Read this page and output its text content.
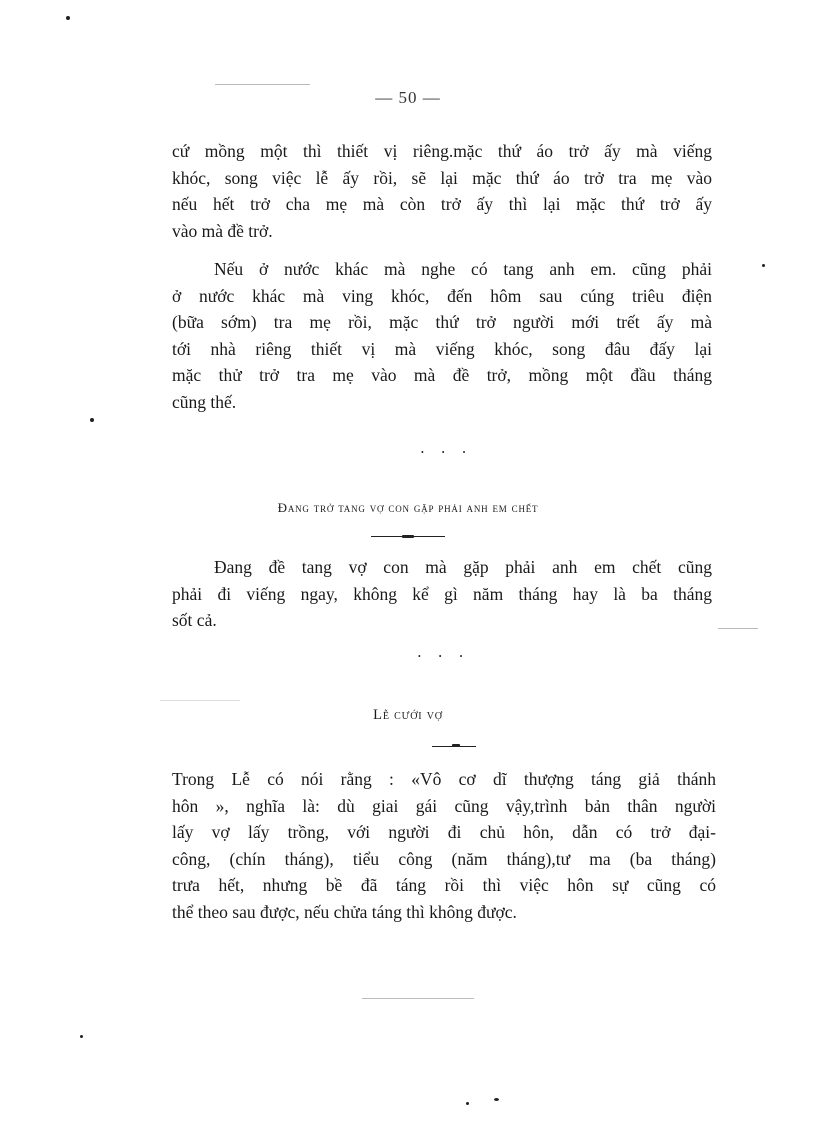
— 50 —
cứ mồng một thì thiết vị riêng.mặc thứ áo trở ấy mà viếng
khóc, song việc lễ ấy rồi, sẽ lại mặc thứ áo trở tra mẹ vào
nếu hết trở cha mẹ mà còn trở ấy thì lại mặc thứ trở ấy
vào mà đề trở.
Nếu ở nước khác mà nghe có tang anh em. cũng phải
ở nước khác mà ving khóc, đến hôm sau cúng triêu điện
(bữa sớm) tra mẹ rồi, mặc thứ trở người mới trết ấy mà
tới nhà riêng thiết vị mà viếng khóc, song đâu đấy lại
mặc thử trở tra mẹ vào mà đề trở, mồng một đầu tháng
cũng thế.
•••
Đang trở tang vợ con gặp phải anh em chết
Đang đề tang vợ con mà gặp phải anh em chết cũng
phải đi viếng ngay, không kể gì năm tháng hay là ba tháng
sốt cả.
•••
Lễ cưới vợ
Trong Lễ có nói rằng : «Vô cơ dĩ thượng táng giả thánh
hôn », nghĩa là: dù giai gái cũng vậy,trình bản thân người
lấy vợ lấy trồng, với người đi chủ hôn, dẫn có trở đại-
công, (chín tháng), tiểu công (năm tháng),tư ma (ba tháng)
trưa hết, nhưng bề đã táng rồi thì việc hôn sự cũng có
thể theo sau được, nếu chửa táng thì không được.
